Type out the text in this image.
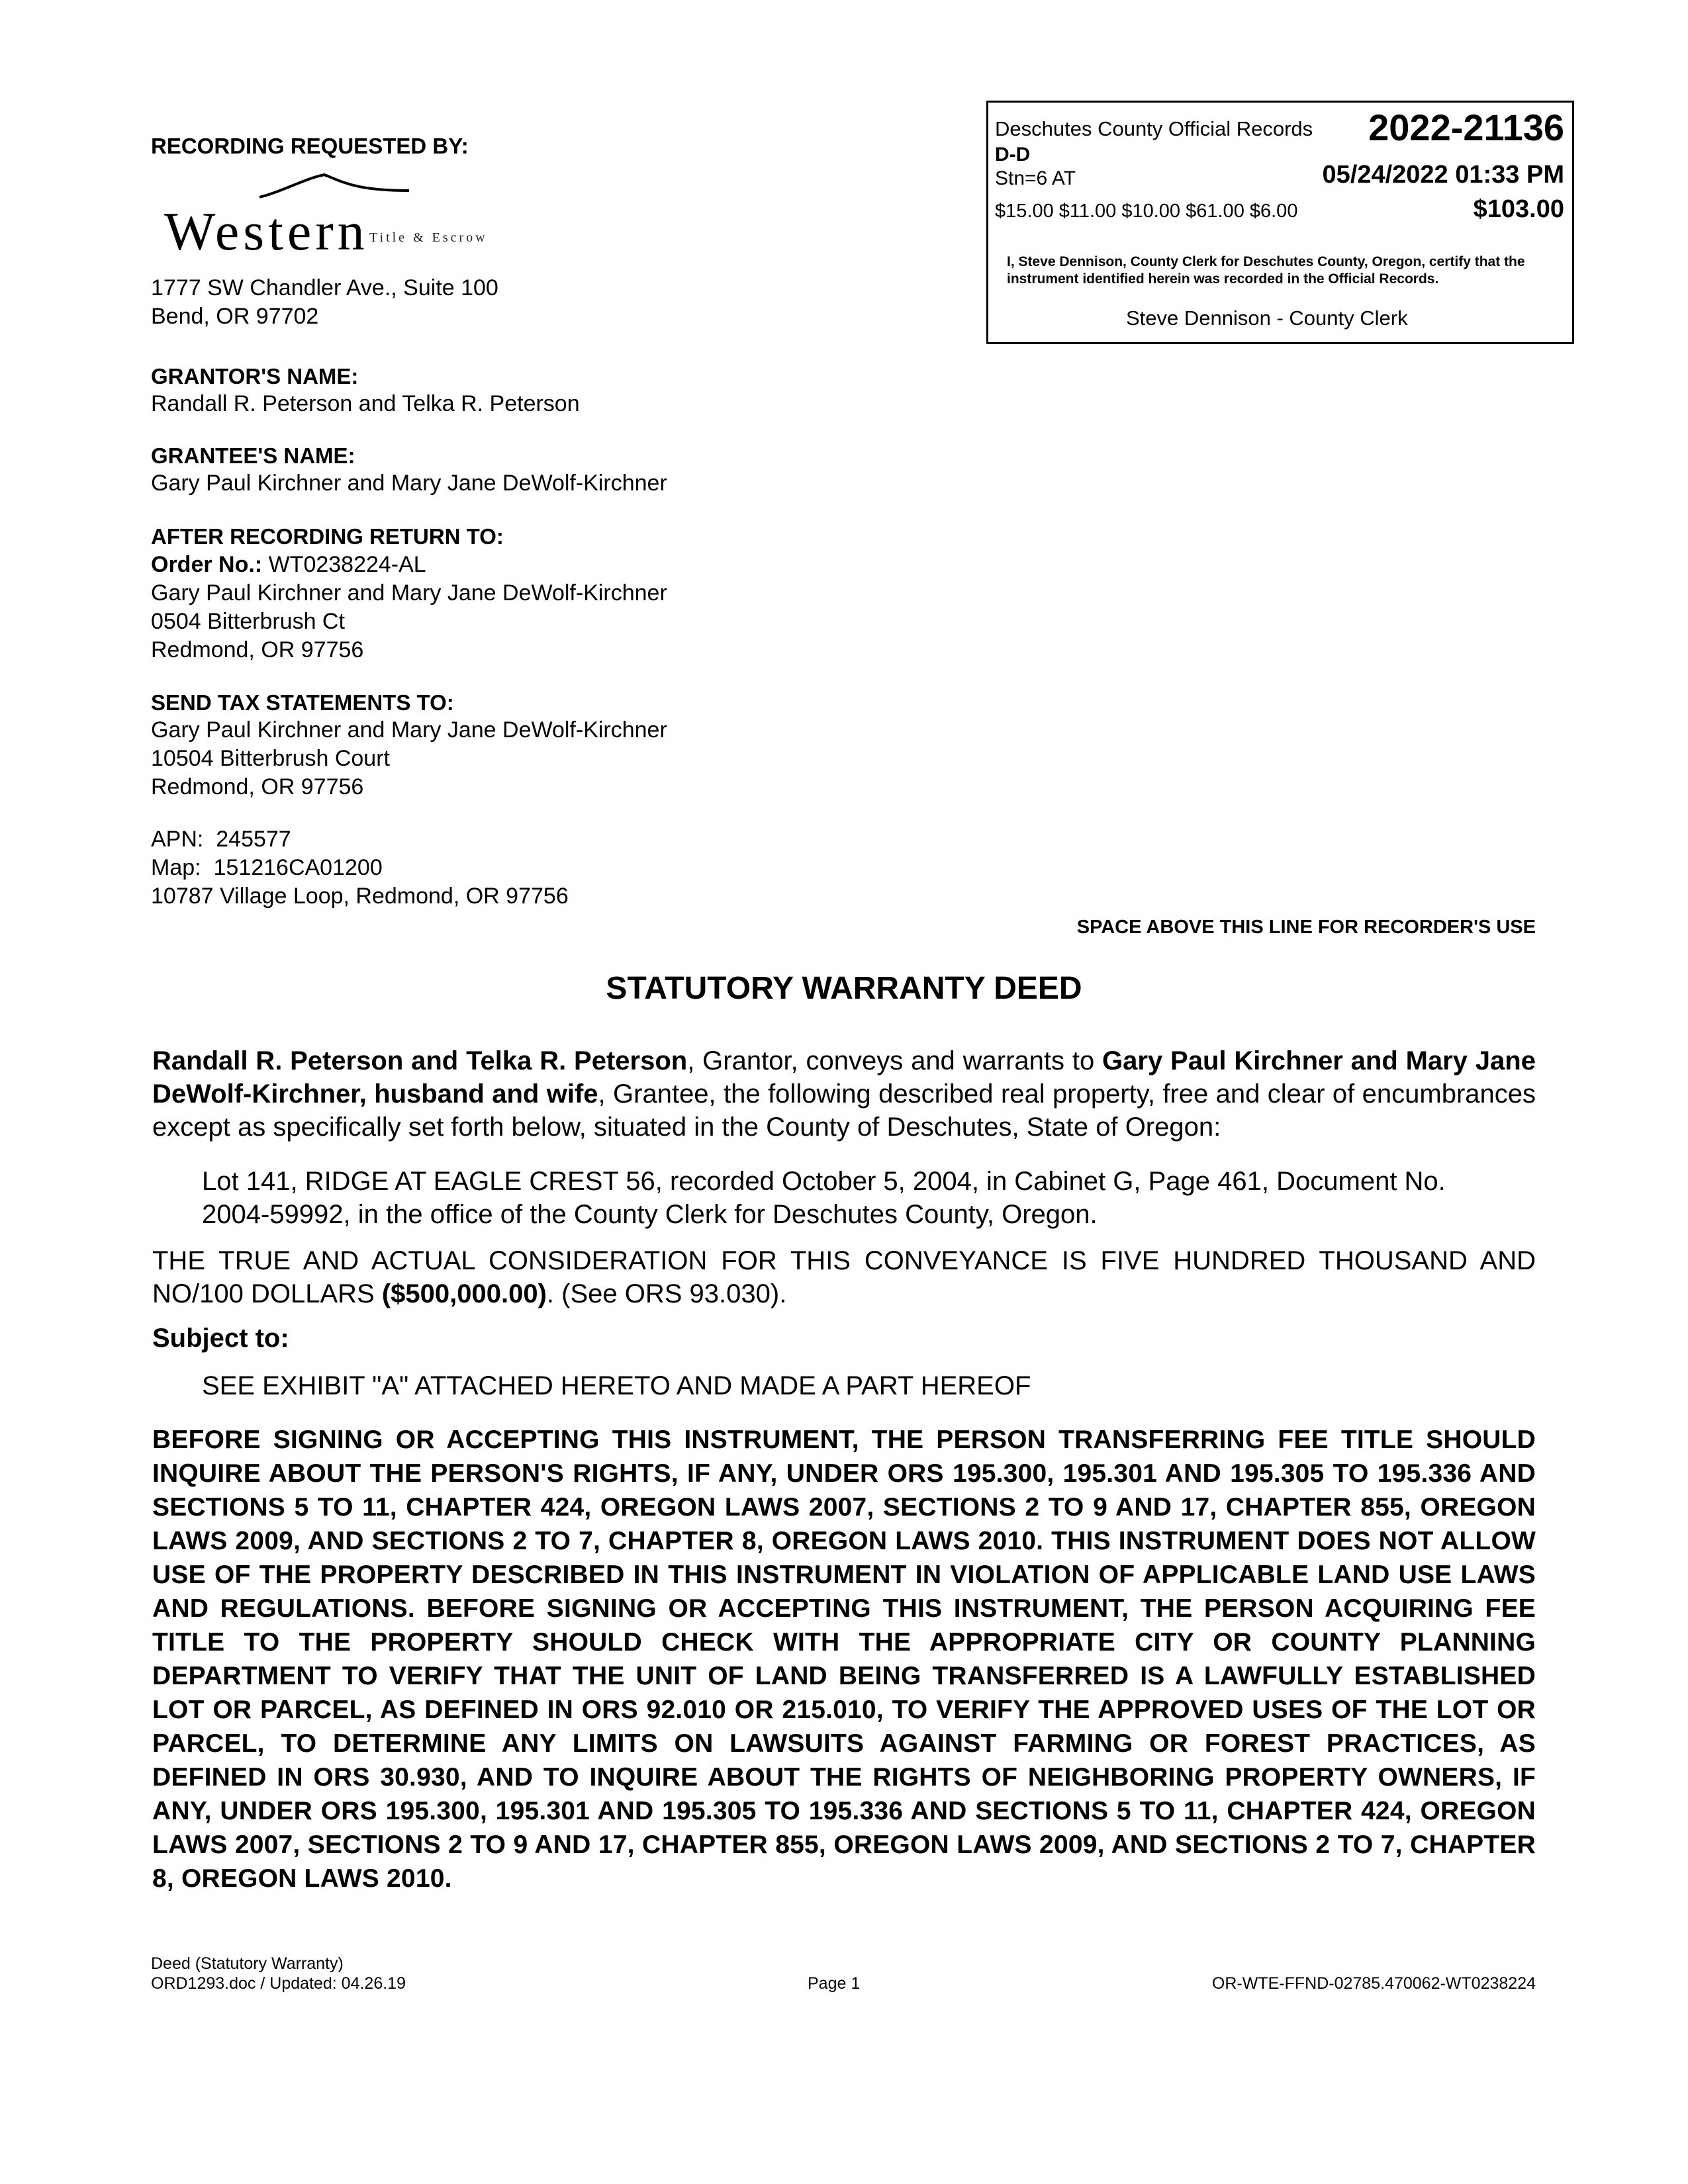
RECORDING REQUESTED BY:
Western Title & Escrow
1777 SW Chandler Ave., Suite 100
Bend, OR 97702
Deschutes County Official Records 2022-21136
D-D
Stn=6 AT	05/24/2022 01:33 PM
$15.00 $11.00 $10.00 $61.00 $6.00	$103.00
I, Steve Dennison, County Clerk for Deschutes County, Oregon, certify that the instrument identified herein was recorded in the Official Records.
Steve Dennison - County Clerk
GRANTOR'S NAME:
Randall R. Peterson and Telka R. Peterson
GRANTEE'S NAME:
Gary Paul Kirchner and Mary Jane DeWolf-Kirchner
AFTER RECORDING RETURN TO:
Order No.: WT0238224-AL
Gary Paul Kirchner and Mary Jane DeWolf-Kirchner
0504 Bitterbrush Ct
Redmond, OR 97756
SEND TAX STATEMENTS TO:
Gary Paul Kirchner and Mary Jane DeWolf-Kirchner
10504 Bitterbrush Court
Redmond, OR 97756
APN: 245577
Map: 151216CA01200
10787 Village Loop, Redmond, OR 97756
SPACE ABOVE THIS LINE FOR RECORDER'S USE
STATUTORY WARRANTY DEED
Randall R. Peterson and Telka R. Peterson, Grantor, conveys and warrants to Gary Paul Kirchner and Mary Jane DeWolf-Kirchner, husband and wife, Grantee, the following described real property, free and clear of encumbrances except as specifically set forth below, situated in the County of Deschutes, State of Oregon:
Lot 141, RIDGE AT EAGLE CREST 56, recorded October 5, 2004, in Cabinet G, Page 461, Document No. 2004-59992, in the office of the County Clerk for Deschutes County, Oregon.
THE TRUE AND ACTUAL CONSIDERATION FOR THIS CONVEYANCE IS FIVE HUNDRED THOUSAND AND NO/100 DOLLARS ($500,000.00). (See ORS 93.030).
Subject to:
SEE EXHIBIT "A" ATTACHED HERETO AND MADE A PART HEREOF
BEFORE SIGNING OR ACCEPTING THIS INSTRUMENT, THE PERSON TRANSFERRING FEE TITLE SHOULD INQUIRE ABOUT THE PERSON'S RIGHTS, IF ANY, UNDER ORS 195.300, 195.301 AND 195.305 TO 195.336 AND SECTIONS 5 TO 11, CHAPTER 424, OREGON LAWS 2007, SECTIONS 2 TO 9 AND 17, CHAPTER 855, OREGON LAWS 2009, AND SECTIONS 2 TO 7, CHAPTER 8, OREGON LAWS 2010. THIS INSTRUMENT DOES NOT ALLOW USE OF THE PROPERTY DESCRIBED IN THIS INSTRUMENT IN VIOLATION OF APPLICABLE LAND USE LAWS AND REGULATIONS. BEFORE SIGNING OR ACCEPTING THIS INSTRUMENT, THE PERSON ACQUIRING FEE TITLE TO THE PROPERTY SHOULD CHECK WITH THE APPROPRIATE CITY OR COUNTY PLANNING DEPARTMENT TO VERIFY THAT THE UNIT OF LAND BEING TRANSFERRED IS A LAWFULLY ESTABLISHED LOT OR PARCEL, AS DEFINED IN ORS 92.010 OR 215.010, TO VERIFY THE APPROVED USES OF THE LOT OR PARCEL, TO DETERMINE ANY LIMITS ON LAWSUITS AGAINST FARMING OR FOREST PRACTICES, AS DEFINED IN ORS 30.930, AND TO INQUIRE ABOUT THE RIGHTS OF NEIGHBORING PROPERTY OWNERS, IF ANY, UNDER ORS 195.300, 195.301 AND 195.305 TO 195.336 AND SECTIONS 5 TO 11, CHAPTER 424, OREGON LAWS 2007, SECTIONS 2 TO 9 AND 17, CHAPTER 855, OREGON LAWS 2009, AND SECTIONS 2 TO 7, CHAPTER 8, OREGON LAWS 2010.
Deed (Statutory Warranty)
ORD1293.doc / Updated: 04.26.19	Page 1	OR-WTE-FFND-02785.470062-WT0238224
